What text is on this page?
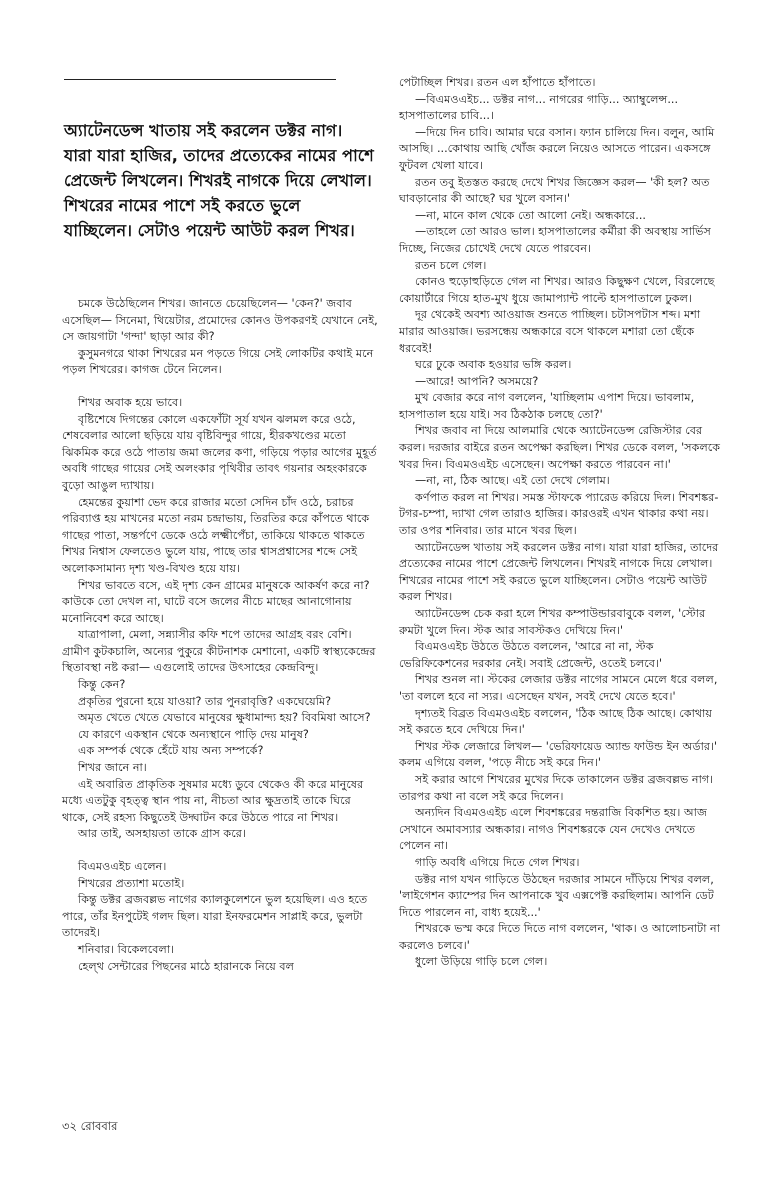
অ্যাটেনডেন্স খাতায় সই করলেন ডক্টর নাগ। যারা যারা হাজির, তাদের প্রত্যেকের নামের পাশে প্রেজেন্ট লিখলেন। শিখরই নাগকে দিয়ে লেখাল। শিখরের নামের পাশে সই করতে ভুলে যাচ্ছিলেন। সেটাও পয়েন্ট আউট করল শিখর।

চমকে উঠেছিলেন শিখর। জানতে চেয়েছিলেন— 'কেন?' জবাব এসেছিল— সিনেমা, থিয়েটার, প্রমোদের কোনও উপকরণই যেখানে নেই, সে জায়গাটা 'গন্দা' ছাড়া আর কী?

কুসুমনগরে থাকা শিখরের মন পড়তে গিয়ে সেই লোকটির কথাই মনে পড়ল শিখরের। কাগজ টেনে নিলেন।

শিখর অবাক হয়ে ভাবে।

বৃষ্টিশেষে দিগন্তের কোলে একফোঁটা সূর্য যখন ঝলমল করে ওঠে, শেষবেলার আলো ছড়িয়ে যায় বৃষ্টিবিন্দুর গায়ে, হীরকখণ্ডের মতো ঝিকমিক করে ওঠে পাতায় জমা জলের কণা, গড়িয়ে পড়ার আগের মুহূর্ত অবধি গাছের গায়ের সেই অলংকার পৃথিবীর তাবৎ গয়নার অহংকারকে বুড়ো আঙুল দ্যাখায়।

হেমন্তের কুয়াশা ভেদ করে রাজার মতো সেদিন চাঁদ ওঠে, চরাচর পরিব্যাপ্ত হয় মাখনের মতো নরম চন্দ্রাভায়, তিরতির করে কাঁপতে থাকে গাছের পাতা, সন্তর্পণে ডেকে ওঠে লক্ষ্মীপেঁচা, তাকিয়ে থাকতে থাকতে শিখর নিশ্বাস ফেলতেও ভুলে যায়, পাছে তার শ্বাসপ্রশ্বাসের শব্দে সেই অলোকসামান্য দৃশ্য খণ্ড-বিখণ্ড হয়ে যায়।

শিখর ভাবতে বসে, এই দৃশ্য কেন গ্রামের মানুষকে আকর্ষণ করে না? কাউকে তো দেখল না, ঘাটে বসে জলের নীচে মাছের আনাগোনায় মনোনিবেশ করে আছে।

যাত্রাপালা, মেলা, সন্ন্যাসীর কফি শপে তাদের আগ্রহ বরং বেশি। গ্রামীণ কুটকচালি, অন্যের পুকুরে কীটনাশক মেশানো, একটি স্বাস্থ্যকেন্দ্রের স্থিতাবস্থা নষ্ট করা— এগুলোই তাদের উৎসাহের কেন্দ্রবিন্দু।

কিন্তু কেন?

প্রকৃতির পুরনো হয়ে যাওয়া? তার পুনরাবৃত্তি? একঘেয়েমি?

অমৃত খেতে খেতে যেভাবে মানুষের ক্ষুধামান্দ্য হয়? বিবমিষা আসে?

যে কারণে একস্থান থেকে অন্যস্থানে পাড়ি দেয় মানুষ?

এক সম্পর্ক থেকে হেঁটে যায় অন্য সম্পর্কে?

শিখর জানে না।

এই অবারিত প্রাকৃতিক সুষমার মধ্যে ডুবে থেকেও কী করে মানুষের মধ্যে এতটুকু বৃহত্ত্ব স্থান পায় না, নীচতা আর ক্ষুদ্রতাই তাকে ঘিরে থাকে, সেই রহস্য কিছুতেই উদ্ঘাটন করে উঠতে পারে না শিখর।

আর তাই, অসহায়তা তাকে গ্রাস করে।

বিএমওএইচ এলেন।

শিখরের প্রত্যাশা মতোই।

কিন্তু ডক্টর ব্রজবল্লভ নাগের ক্যালকুলেশনে ভুল হয়েছিল। এও হতে পারে, তাঁর ইনপুটেই গলদ ছিল। যারা ইনফরমেশন সাপ্লাই করে, ভুলটা তাদেরই।

শনিবার। বিকেলবেলা।

হেল্‌থ সেন্টারের পিছনের মাঠে হারানকে নিয়ে বল

পেটাচ্ছিল শিখর। রতন এল হাঁপাতে হাঁপাতে।

—বিএমওএইচ... ডক্টর নাগ... নাগরের গাড়ি... অ্যাম্বুলেন্স... হাসপাতালের চাবি...।

—দিয়ে দিন চাবি। আমার ঘরে বসান। ফ্যান চালিয়ে দিন। বলুন, আমি আসছি। ...কোথায় আছি খোঁজ করলে নিয়েও আসতে পারেন। একসঙ্গে ফুটবল খেলা যাবে।

রতন তবু ইতস্তত করছে দেখে শিখর জিজ্ঞেস করল— 'কী হল? অত ঘাবড়ানোর কী আছে? ঘর খুলে বসান।'

—না, মানে কাল থেকে তো আলো নেই। অন্ধকারে...

—তাহলে তো আরও ভাল। হাসপাতালের কর্মীরা কী অবস্থায় সার্ভিস দিচ্ছে, নিজের চোখেই দেখে যেতে পারবেন।

রতন চলে গেল।

কোনও হুড়োহুড়িতে গেল না শিখর। আরও কিছুক্ষণ খেলে, বিরলেছে কোয়ার্টারে গিয়ে হাত-মুখ ধুয়ে জামাপ্যান্ট পাল্টে হাসপাতালে ঢুকল।

দূর থেকেই অবশ্য আওয়াজ শুনতে পাচ্ছিল। চটাসপটাস শব্দ। মশা মারার আওয়াজ। ভরসন্ধেয় অন্ধকারে বসে থাকলে মশারা তো ছেঁকে ধরবেই!

ঘরে ঢুকে অবাক হওয়ার ভঙ্গি করল।

—আরে! আপনি? অসময়ে?

মুখ বেজার করে নাগ বললেন, 'যাচ্ছিলাম এপাশ দিয়ে। ভাবলাম, হাসপাতাল হয়ে যাই। সব ঠিকঠাক চলছে তো?'

শিখর জবাব না দিয়ে আলমারি থেকে অ্যাটেনডেন্স রেজিস্টার বের করল। দরজার বাইরে রতন অপেক্ষা করছিল। শিখর ডেকে বলল, 'সকলকে খবর দিন। বিএমওএইচ এসেছেন। অপেক্ষা করতে পারবেন না।'

—না, না, ঠিক আছে। এই তো দেখে গেলাম।

কর্ণপাত করল না শিখর। সমস্ত স্টাফকে প্যারেড করিয়ে দিল। শিবশঙ্কর-টগর-চম্পা, দ্যাখা গেল তারাও হাজির। কারওরই এখন থাকার কথা নয়। তার ওপর শনিবার। তার মানে খবর ছিল।

অ্যাটেনডেন্স খাতায় সই করলেন ডক্টর নাগ। যারা যারা হাজির, তাদের প্রত্যেকের নামের পাশে প্রেজেন্ট লিখলেন। শিখরই নাগকে দিয়ে লেখাল। শিখরের নামের পাশে সই করতে ভুলে যাচ্ছিলেন। সেটাও পয়েন্ট আউট করল শিখর।

অ্যাটেনডেন্স চেক করা হলে শিখর কম্পাউন্ডারবাবুকে বলল, 'স্টোর রুমটা খুলে দিন। স্টক আর সাবস্টকও দেখিয়ে দিন।'

বিএমওএইচ উঠতে উঠতে বললেন, 'আরে না না, স্টক ভেরিফিকেশনের দরকার নেই। সবাই প্রেজেন্ট, ওতেই চলবে।'

শিখর শুনল না। স্টকের লেজার ডক্টর নাগের সামনে মেলে ধরে বলল, 'তা বললে হবে না স্যর। এসেছেন যখন, সবই দেখে যেতে হবে।'

দৃশ্যতই বিব্রত বিএমওএইচ বললেন, 'ঠিক আছে ঠিক আছে। কোথায় সই করতে হবে দেখিয়ে দিন।'

শিখর স্টক লেজারে লিখল— 'ভেরিফায়েড অ্যান্ড ফাউন্ড ইন অর্ডার।' কলম এগিয়ে বলল, 'পড়ে নীচে সই করে দিন।'

সই করার আগে শিখরের মুখের দিকে তাকালেন ডক্টর ব্রজবল্লভ নাগ। তারপর কথা না বলে সই করে দিলেন।

অন্যদিন বিএমওএইচ এলে শিবশঙ্করের দন্তরাজি বিকশিত হয়। আজ সেখানে অমাবস্যার অন্ধকার। নাগও শিবশঙ্করকে যেন দেখেও দেখতে পেলেন না।

গাড়ি অবধি এগিয়ে দিতে গেল শিখর।

ডক্টর নাগ যখন গাড়িতে উঠছেন দরজার সামনে দাঁড়িয়ে শিখর বলল, 'লাইগেশন ক্যাম্পের দিন আপনাকে খুব এক্সপেক্ট করছিলাম। আপনি ডেট দিতে পারলেন না, বাধ্য হয়েই...'

শিখরকে ভস্ম করে দিতে দিতে নাগ বললেন, 'থাক। ও আলোচনাটা না করলেও চলবে।'

ধুলো উড়িয়ে গাড়ি চলে গেল।

৩২ রোববার
